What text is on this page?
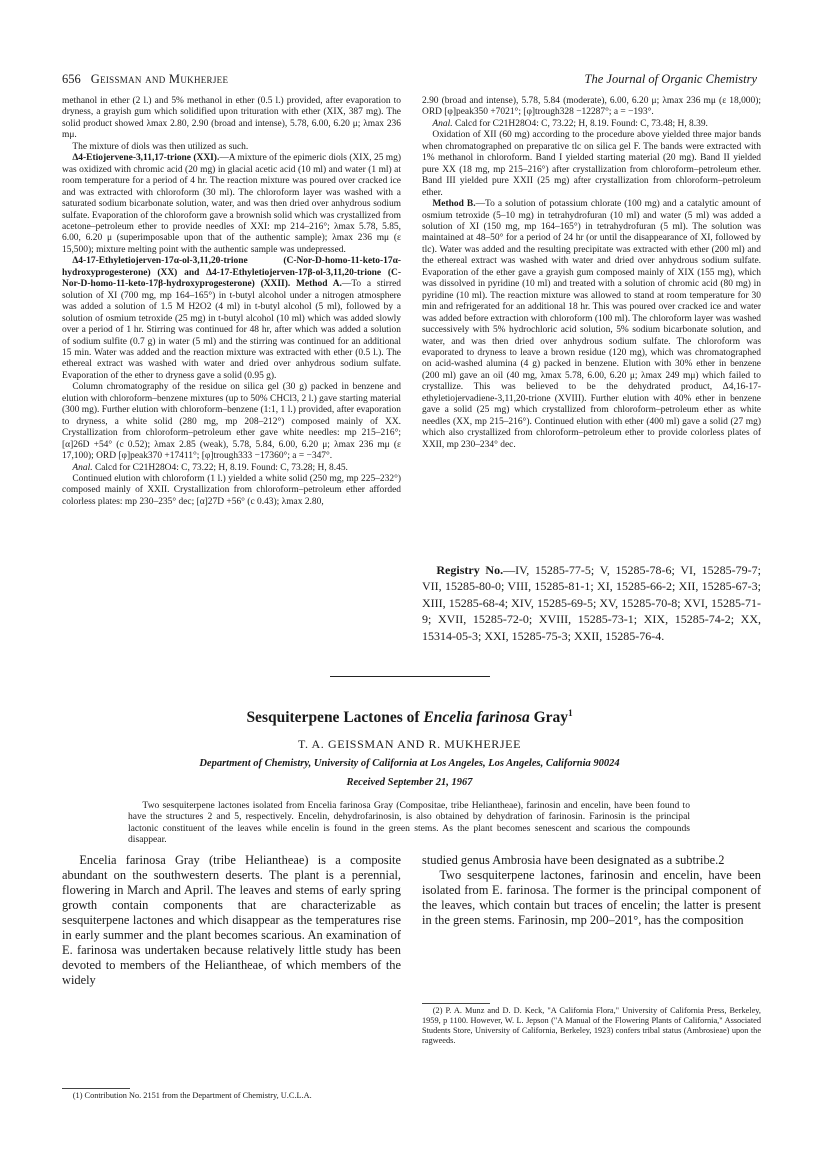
656 Geissman and Mukherjee	The Journal of Organic Chemistry

methanol in ether (2 l.) and 5% methanol in ether (0.5 l.) provided, after evaporation to dryness, a grayish gum which solidified upon trituration with ether (XIX, 387 mg). The solid product showed λmax 2.80, 2.90 (broad and intense), 5.78, 6.00, 6.20 μ; λmax 236 mμ.

The mixture of diols was then utilized as such.

Δ4-Etiojervene-3,11,17-trione (XXI).—A mixture of the epimeric diols (XIX, 25 mg) was oxidized with chromic acid (20 mg) in glacial acetic acid (10 ml) and water (1 ml) at room temperature for a period of 4 hr. The reaction mixture was poured over cracked ice and was extracted with chloroform (30 ml). The chloroform layer was washed with a saturated sodium bicarbonate solution, water, and was then dried over anhydrous sodium sulfate. Evaporation of the chloroform gave a brownish solid which was crystallized from acetone–petroleum ether to provide needles of XXI: mp 214–216°; λmax 5.78, 5.85, 6.00, 6.20 μ (superimposable upon that of the authentic sample); λmax 236 mμ (ε 15,500); mixture melting point with the authentic sample was undepressed.

Δ4-17-Ethyletiojerven-17α-ol-3,11,20-trione (C-Nor-D-homo-11-keto-17α-hydroxyprogesterone) (XX) and Δ4-17-Ethyletiojerven-17β-ol-3,11,20-trione (C-Nor-D-homo-11-keto-17β-hydroxyprogesterone) (XXII). Method A.—To a stirred solution of XI (700 mg, mp 164–165°) in t-butyl alcohol under a nitrogen atmosphere was added a solution of 1.5 M H2O2 (4 ml) in t-butyl alcohol (5 ml), followed by a solution of osmium tetroxide (25 mg) in t-butyl alcohol (10 ml) which was added slowly over a period of 1 hr. Stirring was continued for 48 hr, after which was added a solution of sodium sulfite (0.7 g) in water (5 ml) and the stirring was continued for an additional 15 min. Water was added and the reaction mixture was extracted with ether (0.5 l.). The ethereal extract was washed with water and dried over anhydrous sodium sulfate. Evaporation of the ether to dryness gave a solid (0.95 g).

Column chromatography of the residue on silica gel (30 g) packed in benzene and elution with chloroform–benzene mixtures (up to 50% CHCl3, 2 l.) gave starting material (300 mg). Further elution with chloroform–benzene (1:1, 1 l.) provided, after evaporation to dryness, a white solid (280 mg, mp 208–212°) composed mainly of XX. Crystallization from chloroform–petroleum ether gave white needles: mp 215–216°; [α]26D +54° (c 0.52); λmax 2.85 (weak), 5.78, 5.84, 6.00, 6.20 μ; λmax 236 mμ (ε 17,100); ORD [φ]peak370 +17411°; [φ]trough333 −17360°; a = −347°.

Anal. Calcd for C21H28O4: C, 73.22; H, 8.19. Found: C, 73.28; H, 8.45.

Continued elution with chloroform (1 l.) yielded a white solid (250 mg, mp 225–232°) composed mainly of XXII. Crystallization from chloroform–petroleum ether afforded colorless plates: mp 230–235° dec; [α]27D +56° (c 0.43); λmax 2.80,

2.90 (broad and intense), 5.78, 5.84 (moderate), 6.00, 6.20 μ; λmax 236 mμ (ε 18,000); ORD [φ]peak350 +7021°; [φ]trough328 −12287°; a = −193°.

Anal. Calcd for C21H28O4: C, 73.22; H, 8.19. Found: C, 73.48; H, 8.39.

Oxidation of XII (60 mg) according to the procedure above yielded three major bands when chromatographed on preparative tlc on silica gel F. The bands were extracted with 1% methanol in chloroform. Band I yielded starting material (20 mg). Band II yielded pure XX (18 mg, mp 215–216°) after crystallization from chloroform–petroleum ether. Band III yielded pure XXII (25 mg) after crystallization from chloroform–petroleum ether.

Method B.—To a solution of potassium chlorate (100 mg) and a catalytic amount of osmium tetroxide (5–10 mg) in tetrahydrofuran (10 ml) and water (5 ml) was added a solution of XI (150 mg, mp 164–165°) in tetrahydrofuran (5 ml). The solution was maintained at 48–50° for a period of 24 hr (or until the disappearance of XI, followed by tlc). Water was added and the resulting precipitate was extracted with ether (200 ml) and the ethereal extract was washed with water and dried over anhydrous sodium sulfate. Evaporation of the ether gave a grayish gum composed mainly of XIX (155 mg), which was dissolved in pyridine (10 ml) and treated with a solution of chromic acid (80 mg) in pyridine (10 ml). The reaction mixture was allowed to stand at room temperature for 30 min and refrigerated for an additional 18 hr. This was poured over cracked ice and water was added before extraction with chloroform (100 ml). The chloroform layer was washed successively with 5% hydrochloric acid solution, 5% sodium bicarbonate solution, and water, and was then dried over anhydrous sodium sulfate. The chloroform was evaporated to dryness to leave a brown residue (120 mg), which was chromatographed on acid-washed alumina (4 g) packed in benzene. Elution with 30% ether in benzene (200 ml) gave an oil (40 mg, λmax 5.78, 6.00, 6.20 μ; λmax 249 mμ) which failed to crystallize. This was believed to be the dehydrated product, Δ4,16-17-ethyletiojervadiene-3,11,20-trione (XVIII). Further elution with 40% ether in benzene gave a solid (25 mg) which crystallized from chloroform–petroleum ether as white needles (XX, mp 215–216°). Continued elution with ether (400 ml) gave a solid (27 mg) which also crystallized from chloroform–petroleum ether to provide colorless plates of XXII, mp 230–234° dec.

Registry No.—IV, 15285-77-5; V, 15285-78-6; VI, 15285-79-7; VII, 15285-80-0; VIII, 15285-81-1; XI, 15285-66-2; XII, 15285-67-3; XIII, 15285-68-4; XIV, 15285-69-5; XV, 15285-70-8; XVI, 15285-71-9; XVII, 15285-72-0; XVIII, 15285-73-1; XIX, 15285-74-2; XX, 15314-05-3; XXI, 15285-75-3; XXII, 15285-76-4.
Sesquiterpene Lactones of Encelia farinosa Gray$^1$
T. A. GEISSMAN AND R. MUKHERJEE
Department of Chemistry, University of California at Los Angeles, Los Angeles, California 90024
Received September 21, 1967
Two sesquiterpene lactones isolated from Encelia farinosa Gray (Compositae, tribe Heliantheae), farinosin and encelin, have been found to have the structures 2 and 5, respectively. Encelin, dehydrofarinosin, is also obtained by dehydration of farinosin. Farinosin is the principal lactonic constituent of the leaves while encelin is found in the green stems. As the plant becomes senescent and scarious the compounds disappear.

Encelia farinosa Gray (tribe Heliantheae) is a composite abundant on the southwestern deserts. The plant is a perennial, flowering in March and April. The leaves and stems of early spring growth contain components that are characterizable as sesquiterpene lactones and which disappear as the temperatures rise in early summer and the plant becomes scarious. An examination of E. farinosa was undertaken because relatively little study has been devoted to members of the Heliantheae, of which members of the widely

studied genus Ambrosia have been designated as a subtribe.2

Two sesquiterpene lactones, farinosin and encelin, have been isolated from E. farinosa. The former is the principal component of the leaves, which contain but traces of encelin; the latter is present in the green stems. Farinosin, mp 200–201°, has the composition

(1) Contribution No. 2151 from the Department of Chemistry, U.C.L.A.
(2) P. A. Munz and D. D. Keck, "A California Flora," University of California Press, Berkeley, 1959, p 1100. However, W. L. Jepson ("A Manual of the Flowering Plants of California," Associated Students Store, University of California, Berkeley, 1923) confers tribal status (Ambrosieae) upon the ragweeds.
